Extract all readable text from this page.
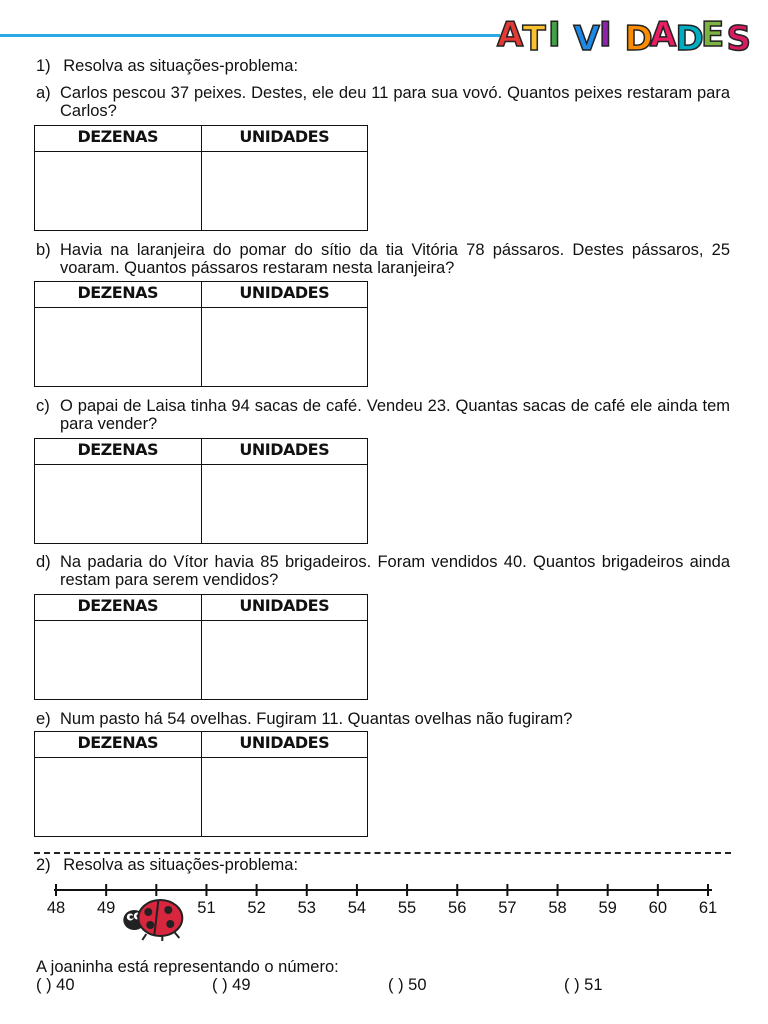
A T I V I D
A D
E S
1) Resolva as situações-problema:
a) Carlos pescou 37 peixes. Destes, ele deu 11 para sua vovó. Quantos peixes restaram para Carlos?
DEZENAS	UNIDADES
b) Havia na laranjeira do pomar do sítio da tia Vitória 78 pássaros. Destes pássaros, 25 voaram. Quantos pássaros restaram nesta laranjeira?
DEZENAS	UNIDADES
c) O papai de Laisa tinha 94 sacas de café. Vendeu 23. Quantas sacas de café ele ainda tem para vender?
DEZENAS	UNIDADES
d) Na padaria do Vítor havia 85 brigadeiros. Foram vendidos 40. Quantos brigadeiros ainda restam para serem vendidos?
DEZENAS	UNIDADES
e) Num pasto há 54 ovelhas. Fugiram 11. Quantas ovelhas não fugiram?
DEZENAS	UNIDADES
2) Resolva as situações-problema:
48 49	51 52 53 54 55 56 57 58 59 60 61
A joaninha está representando o número:
( ) 40	( ) 49	( ) 50	( ) 51
